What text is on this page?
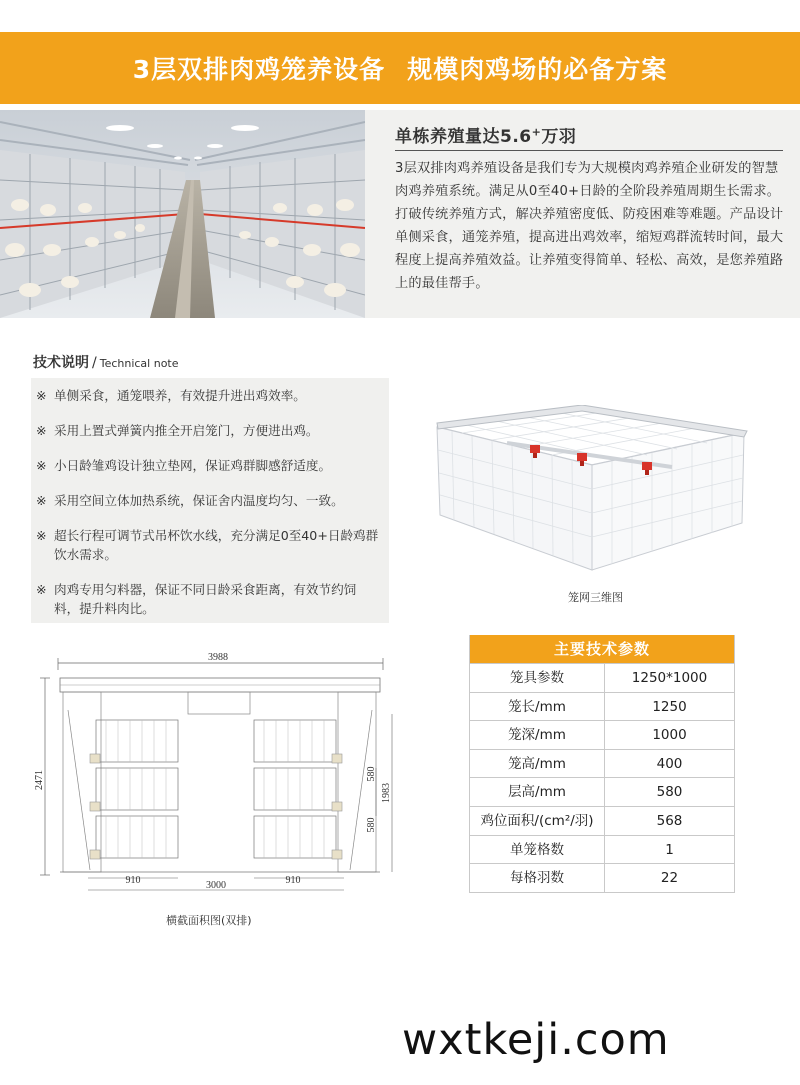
3层双排肉鸡笼养设备 规模肉鸡场的必备方案
单栋养殖量达5.6+万羽

3层双排肉鸡养殖设备是我们专为大规模肉鸡养殖企业研发的智慧肉鸡养殖系统。满足从0至40+日龄的全阶段养殖周期生长需求。打破传统养殖方式，解决养殖密度低、防疫困难等难题。产品设计单侧采食，通笼养殖，提高进出鸡效率，缩短鸡群流转时间，最大程度上提高养殖效益。让养殖变得简单、轻松、高效，是您养殖路上的最佳帮手。

技术说明 / Technical note
※ 单侧采食，通笼喂养，有效提升进出鸡效率。
※ 采用上置式弹簧内推全开启笼门，方便进出鸡。
※ 小日龄雏鸡设计独立垫网，保证鸡群脚感舒适度。
※ 采用空间立体加热系统，保证舍内温度均匀、一致。
※ 超长行程可调节式吊杯饮水线，充分满足0至40+日龄鸡群饮水需求。
※ 肉鸡专用匀料器，保证不同日龄采食距离，有效节约饲料，提升料肉比。
笼网三维图
3988
2471	580
580
1983
910	3000	910
横截面积图(双排)
主要技术参数
笼具参数	1250*1000
笼长/mm	1250
笼深/mm	1000
笼高/mm	400
层高/mm	580
鸡位面积/(cm²/羽)	568
单笼格数	1
每格羽数	22
wxtkeji.com
